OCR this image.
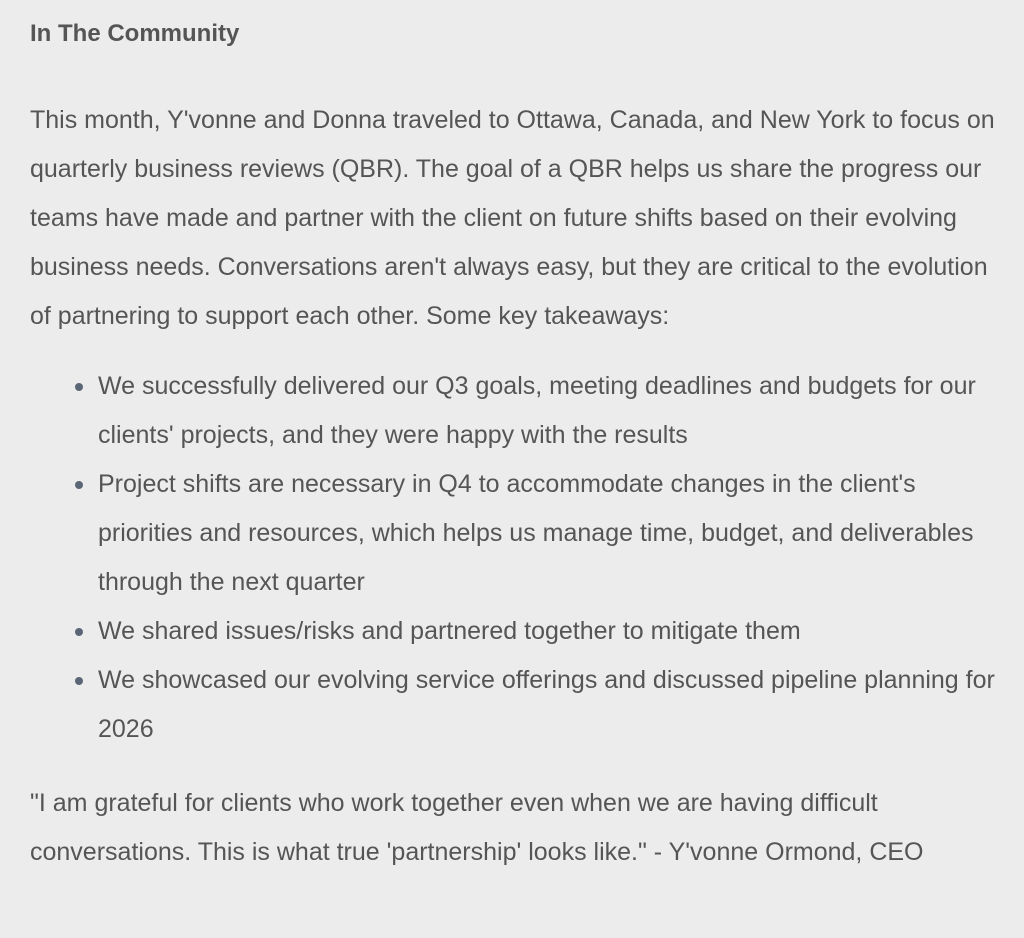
In The Community

This month, Y'vonne and Donna traveled to Ottawa, Canada, and New York to focus on quarterly business reviews (QBR). The goal of a QBR helps us share the progress our teams have made and partner with the client on future shifts based on their evolving business needs. Conversations aren't always easy, but they are critical to the evolution of partnering to support each other. Some key takeaways:

We successfully delivered our Q3 goals, meeting deadlines and budgets for our clients' projects, and they were happy with the results
Project shifts are necessary in Q4 to accommodate changes in the client's priorities and resources, which helps us manage time, budget, and deliverables through the next quarter
We shared issues/risks and partnered together to mitigate them
We showcased our evolving service offerings and discussed pipeline planning for 2026

"I am grateful for clients who work together even when we are having difficult conversations. This is what true 'partnership' looks like." - Y'vonne Ormond, CEO
